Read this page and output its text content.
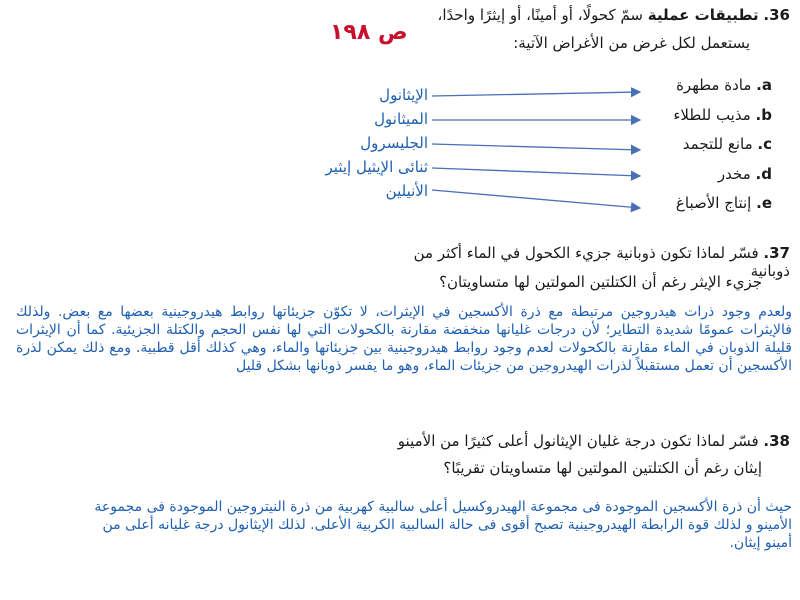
ص ١٩٨
36. تطبيقات عملية سمّ كحولًا، أو أمينًا، أو إيثرًا واحدًا،
يستعمل لكل غرض من الأغراض الآتية:
a. مادة مطهرة
b. مذيب للطلاء
c. مانع للتجمد
d. مخدر
e. إنتاج الأصباغ
الإيثانول
الميثانول
الجليسرول
ثنائى الإيثيل إيثير
الأنيلين
37. فسّر لماذا تكون ذوبانية جزيء الكحول في الماء أكثر من ذوبانية
جزيء الإيثر رغم أن الكتلتين المولتين لها متساويتان؟
ولعدم وجود ذرات هيدروجين مرتبطة مع ذرة الأكسجين في الإيثرات، لا تكوّن جزيئاتها روابط هيدروجينية بعضها مع بعض. ولذلك فالإيثرات عمومًا شديدة التطاير؛ لأن درجات غليانها منخفضة مقارنة بالكحولات التي لها نفس الحجم والكتلة الجزيئية. كما أن الإيثرات قليلة الذوبان في الماء مقارنة بالكحولات لعدم وجود روابط هيدروجينية بين جزيئاتها والماء، وهي كذلك أقل قطبية. ومع ذلك يمكن لذرة الأكسجين أن تعمل مستقبلاً لذرات الهيدروجين من جزيئات الماء، وهو ما يفسر ذوبانها بشكل قليل
38. فسّر لماذا تكون درجة غليان الإيثانول أعلى كثيرًا من الأمينو
إيثان رغم أن الكتلتين المولتين لها متساويتان تقريبًا؟
حيث أن ذرة الأكسجين الموجودة فى مجموعة الهيدروكسيل أعلى سالبية كهربية من ذرة النيتروجين الموجودة فى مجموعة
الأمينو و لذلك قوة الرابطة الهيدروجينية تصبح أقوى فى حالة السالبية الكربية الأعلى. لذلك الإيثانول درجة غليانه أعلى من
أمينو إيثان.
